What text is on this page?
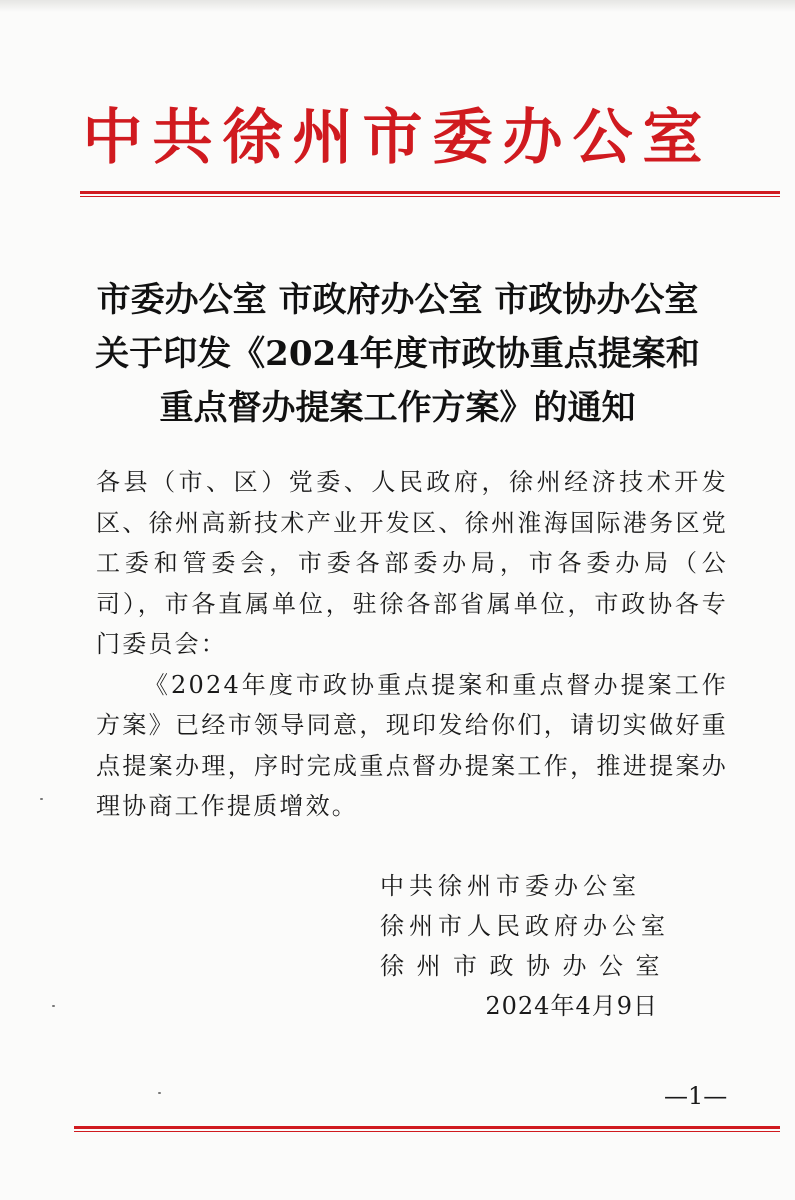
中共徐州市委办公室
市委办公室 市政府办公室 市政协办公室
关于印发《2024年度市政协重点提案和
重点督办提案工作方案》的通知

各县（市、区）党委、人民政府，徐州经济技术开发区、徐州高新技术产业开发区、徐州淮海国际港务区党工委和管委会，市委各部委办局，市各委办局（公司），市各直属单位，驻徐各部省属单位，市政协各专门委员会：

《2024年度市政协重点提案和重点督办提案工作方案》已经市领导同意，现印发给你们，请切实做好重点提案办理，序时完成重点督办提案工作，推进提案办理协商工作提质增效。

中共徐州市委办公室
徐州市人民政府办公室
徐州市政协办公室
2024年4月9日
—1—
